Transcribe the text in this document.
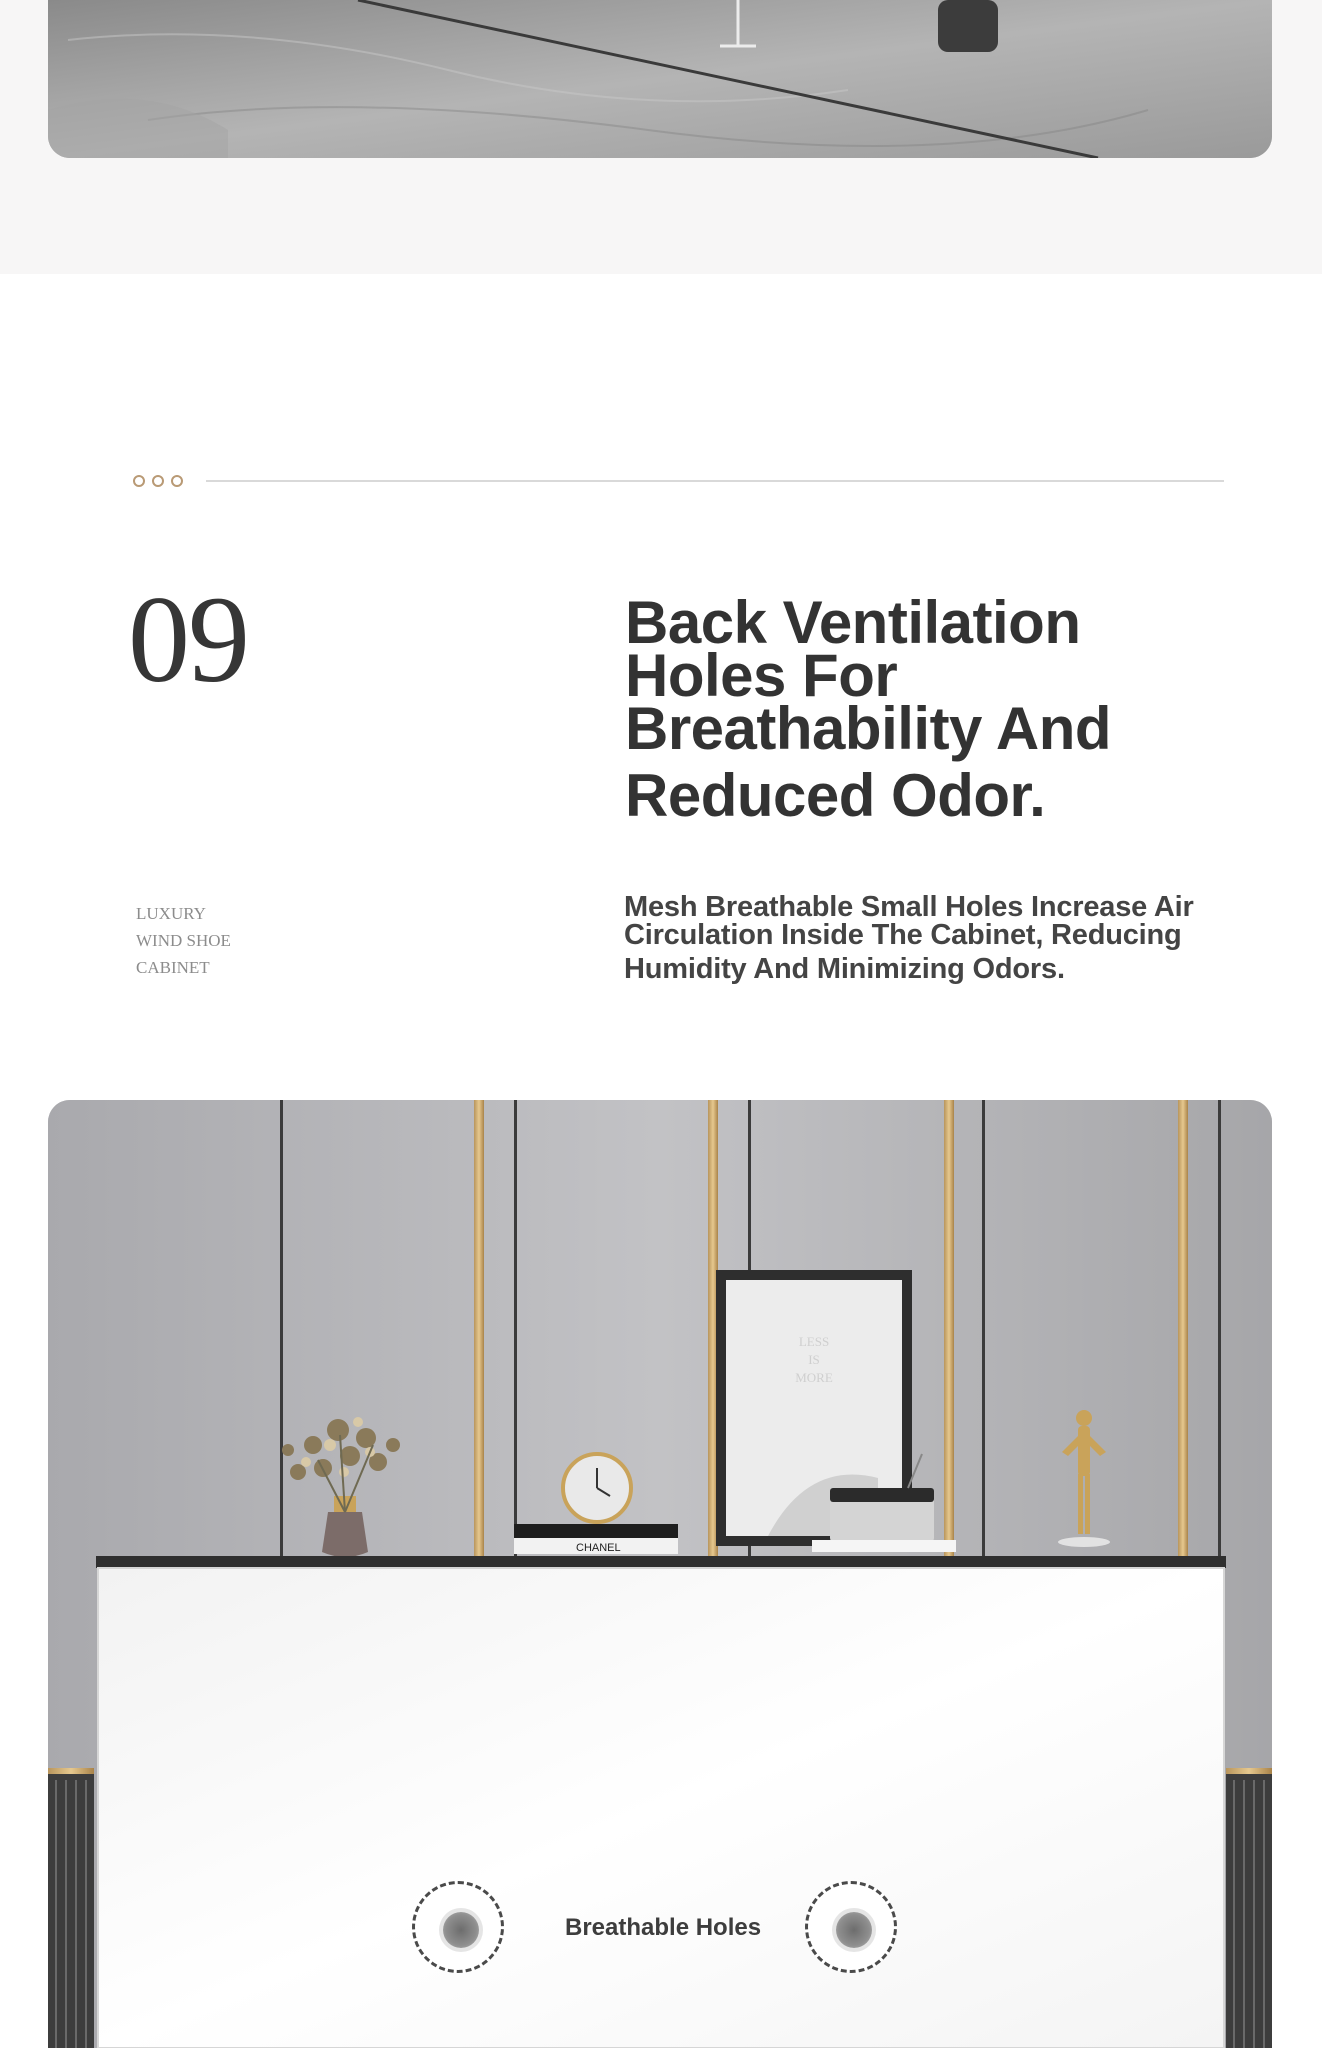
09	Back Ventilation
Holes For
Breathability And
Reduced Odor.
LUXURY
WIND SHOE
CABINET

Mesh Breathable Small Holes Increase Air
Circulation Inside The Cabinet, Reducing
Humidity And Minimizing Odors.

CHANEL
LESS
IS
MORE
Breathable Holes
